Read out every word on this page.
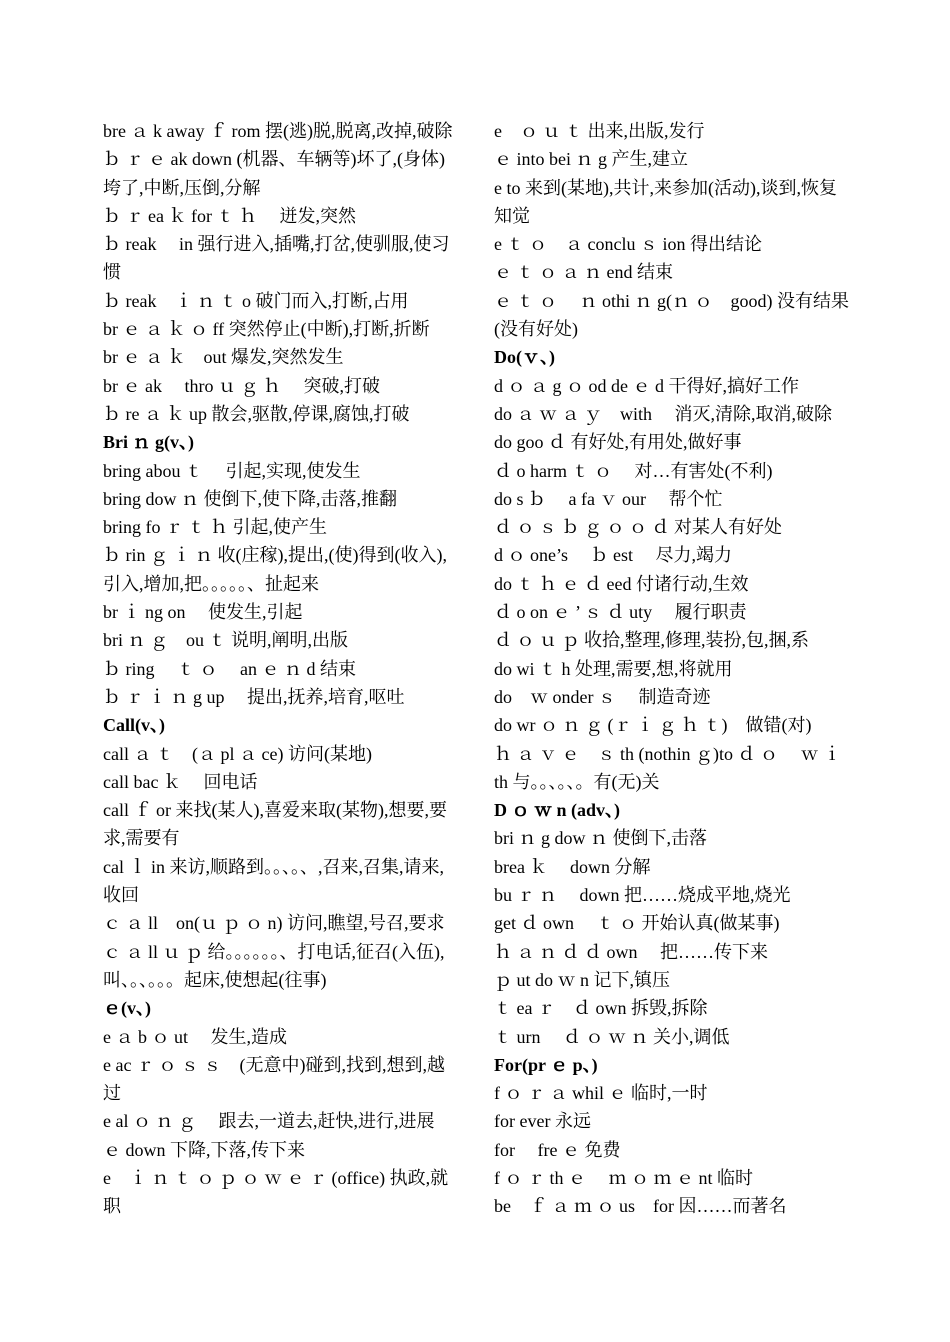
bre ａ k away ｆ rom 摆(逃)脱,脱离,改掉,破除

ｂ ｒ ｅ ak down (机器、车辆等)坏了,(身体)垮了,中断,压倒,分解

ｂ ｒ ea ｋ for ｔ ｈ　 迸发,突然

ｂ reak　 in 强行进入,插嘴,打岔,使驯服,使习惯

ｂ reak　ｉ ｎ ｔ o 破门而入,打断,占用

br ｅ ａ ｋ ｏ ff 突然停止(中断),打断,折断

br ｅ ａ ｋ　out 爆发,突然发生

br ｅ ak　 thro ｕ ｇ ｈ　 突破,打破

ｂ re ａ ｋ up 散会,驱散,停课,腐蚀,打破

Bri ｎ g(v、)

bring abou ｔ　 引起,实现,使发生

bring dow ｎ 使倒下,使下降,击落,推翻

bring fo ｒ ｔ ｈ 引起,使产生

ｂ rin ｇ ｉ ｎ 收(庄稼),提出,(使)得到(收入),引入,增加,把。。。。。、扯起来

br ｉ ng on　 使发生,引起

bri ｎ ｇ　ou ｔ 说明,阐明,出版

ｂ ring　 ｔ ｏ　 an ｅ ｎ d 结束

ｂ ｒ ｉ ｎ g up　 提出,抚养,培育,呕吐

Call(v、)

call ａ ｔ　(ａ pl ａ ce) 访问(某地)

call bac ｋ　 回电话

call ｆ or 来找(某人),喜爱来取(某物),想要,要求,需要有

cal ｌ in 来访,顺路到。。、。、,召来,召集,请来,收回

ｃ ａ ll　on(ｕ ｐ ｏ n) 访问,瞧望,号召,要求

ｃ ａ ll ｕ ｐ 给。。。。。。、打电话,征召(入伍),叫、。、。。。起床,使想起(往事)

ｅ(v、)

e ａ b ｏ ut　 发生,造成

e ac ｒ ｏ ｓ ｓ　(无意中)碰到,找到,想到,越过

e al ｏ ｎ ｇ　 跟去,一道去,赶快,进行,进展

ｅ down 下降,下落,传下来

e　ｉ ｎ ｔ ｏ ｐ ｏ ｗ ｅ ｒ (office) 执政,就职

e　ｏ ｕ ｔ 出来,出版,发行

ｅ into bei ｎ g 产生,建立

e to 来到(某地),共计,来参加(活动),谈到,恢复知觉

e ｔ ｏ　ａ conclu ｓ ion 得出结论

ｅ ｔ ｏ ａ ｎ end 结束

ｅ ｔ ｏ　 ｎ othi ｎ g(ｎ ｏ　good) 没有结果(没有好处)

Do(ｖ、)

d ｏ ａ g ｏ od de ｅ d 干得好,搞好工作

do ａ ｗ ａ ｙ　with　 消灭,清除,取消,破除

do goo ｄ 有好处,有用处,做好事

ｄ o harm ｔ ｏ　 对…有害处(不利)

do s ｂ　 a fa ｖ our　 帮个忙

ｄ ｏ ｓ ｂ ｇ ｏ ｏ ｄ 对某人有好处

d ｏ one’s　 ｂ est　 尽力,竭力

do ｔ ｈ ｅ ｄ eed 付诸行动,生效

ｄ o on ｅ ’ ｓ ｄ uty　 履行职责

ｄ ｏ ｕ ｐ 收拾,整理,修理,装扮,包,捆,系

do wi ｔ h 处理,需要,想,将就用

do　ｗ onder ｓ　 制造奇迹

do wr ｏ ｎ ｇ (ｒ ｉ ｇ ｈ ｔ)　做错(对)

ｈ ａ ｖ ｅ　ｓ th (nothin ｇ)to ｄ ｏ　 ｗ ｉ th 与。。、。、。有(无)关

D ｏ ｗ n (adv、)

bri ｎ g dow ｎ 使倒下,击落

brea ｋ　 down 分解

bu ｒ ｎ　 down 把……烧成平地,烧光

get ｄ own　 ｔ ｏ 开始认真(做某事)

ｈ ａ ｎ ｄ ｄ own　 把……传下来

ｐ ut do ｗ n 记下,镇压

ｔ ea ｒ　ｄ own 拆毁,拆除

ｔ urn　 ｄ ｏ ｗ ｎ 关小,调低

For(pr ｅ p、)

f ｏ ｒ ａ whil ｅ 临时,一时

for ever 永远

for　 fre ｅ 免费

f ｏ ｒ th ｅ　 ｍ ｏ ｍ ｅ nt 临时

be　ｆ ａ ｍ ｏ us　for 因……而著名
